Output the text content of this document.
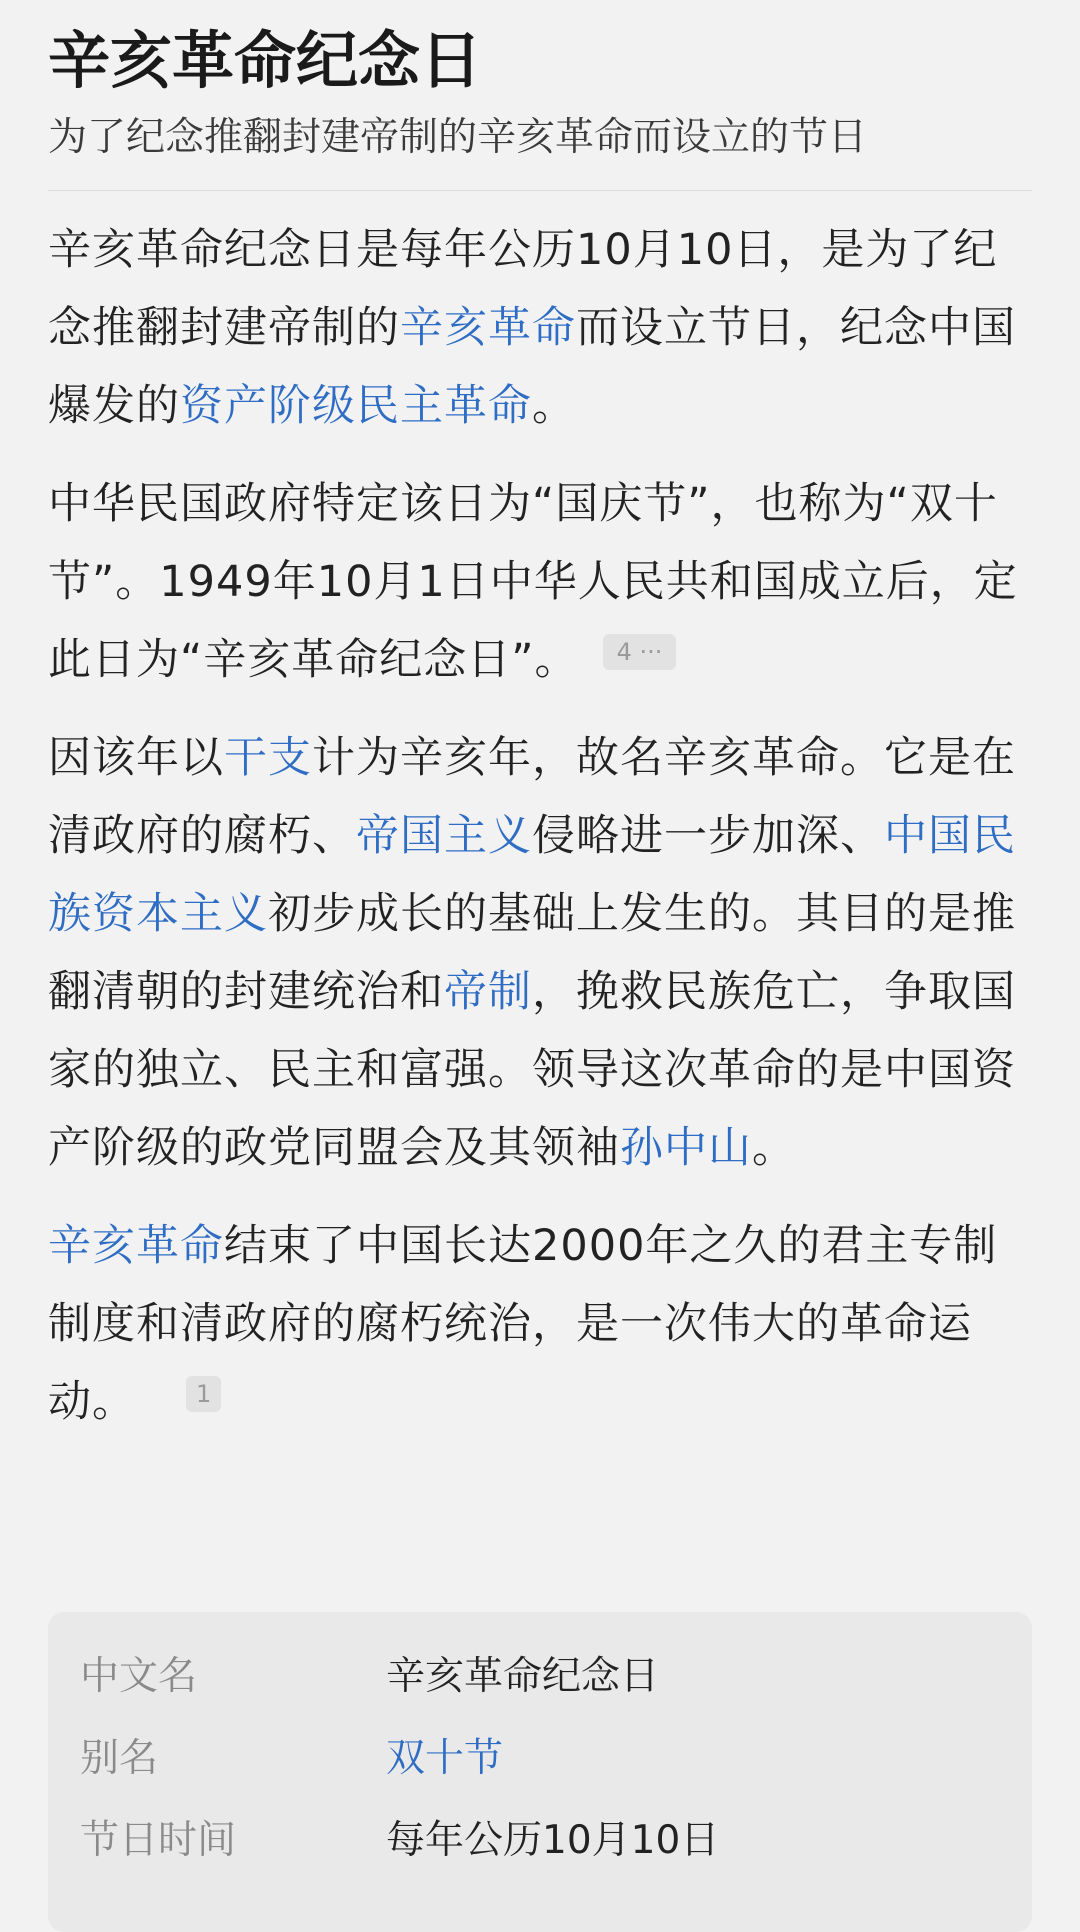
辛亥革命纪念日
为了纪念推翻封建帝制的辛亥革命而设立的节日

辛亥革命纪念日是每年公历10月10日，是为了纪念推翻封建帝制的辛亥革命而设立节日，纪念中国爆发的资产阶级民主革命。

中华民国政府特定该日为“国庆节”，也称为“双十节”。1949年10月1日中华人民共和国成立后，定此日为“辛亥革命纪念日”。 4 ···

因该年以干支计为辛亥年，故名辛亥革命。它是在清政府的腐朽、帝国主义侵略进一步加深、中国民族资本主义初步成长的基础上发生的。其目的是推翻清朝的封建统治和帝制，挽救民族危亡，争取国家的独立、民主和富强。领导这次革命的是中国资产阶级的政党同盟会及其领袖孙中山。

辛亥革命结束了中国长达2000年之久的君主专制制度和清政府的腐朽统治，是一次伟大的革命运动。	1

中文名	辛亥革命纪念日
别名	双十节
节日时间	每年公历10月10日
